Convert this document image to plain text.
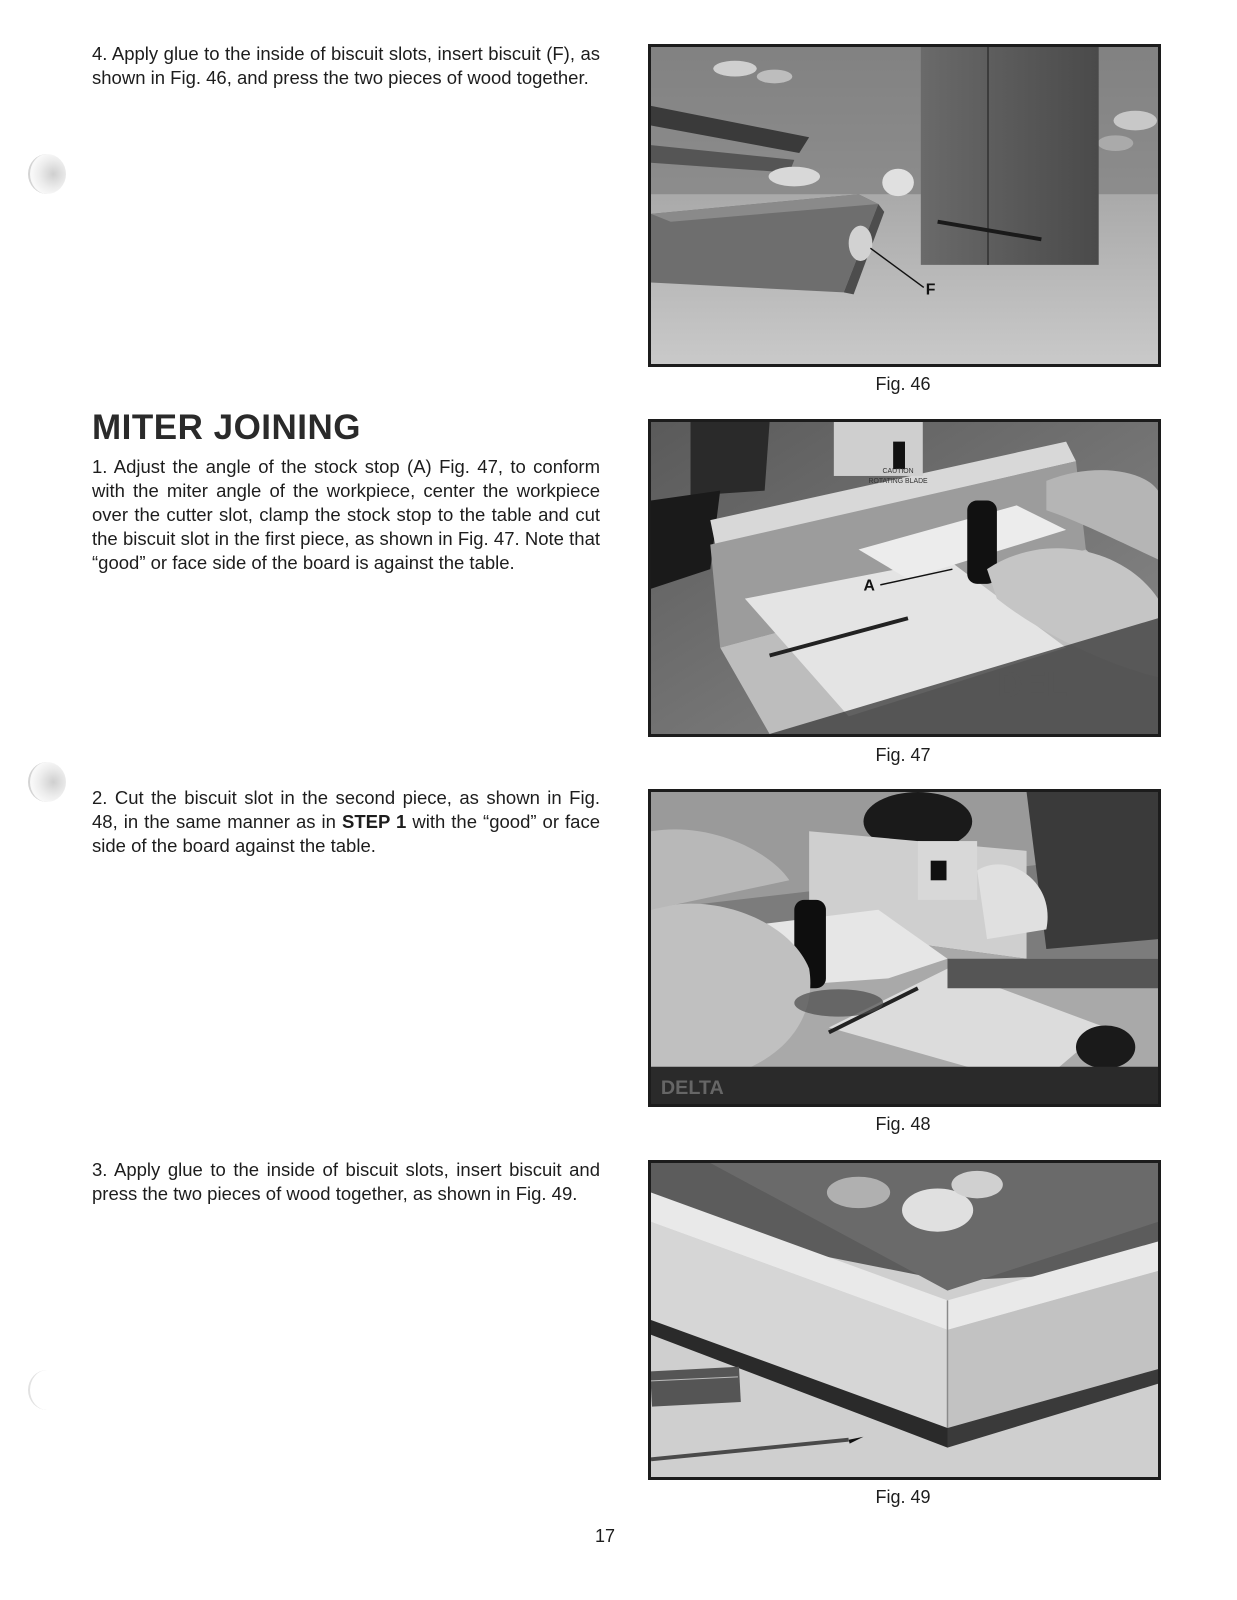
4. Apply glue to the inside of biscuit slots, insert biscuit (F), as shown in Fig. 46, and press the two pieces of wood together.

MITER JOINING

1. Adjust the angle of the stock stop (A) Fig. 47, to conform with the miter angle of the workpiece, center the workpiece over the cutter slot, clamp the stock stop to the table and cut the biscuit slot in the first piece, as shown in Fig. 47. Note that “good” or face side of the board is against the table.

2. Cut the biscuit slot in the second piece, as shown in Fig. 48, in the same manner as in STEP 1 with the “good” or face side of the board against the table.

3. Apply glue to the inside of biscuit slots, insert biscuit and press the two pieces of wood together, as shown in Fig. 49.

F

Fig. 46

CAUTION
ROTATING BLADE
DEL
A

Fig. 47

DELTA

Fig. 48

Fig. 49

17
